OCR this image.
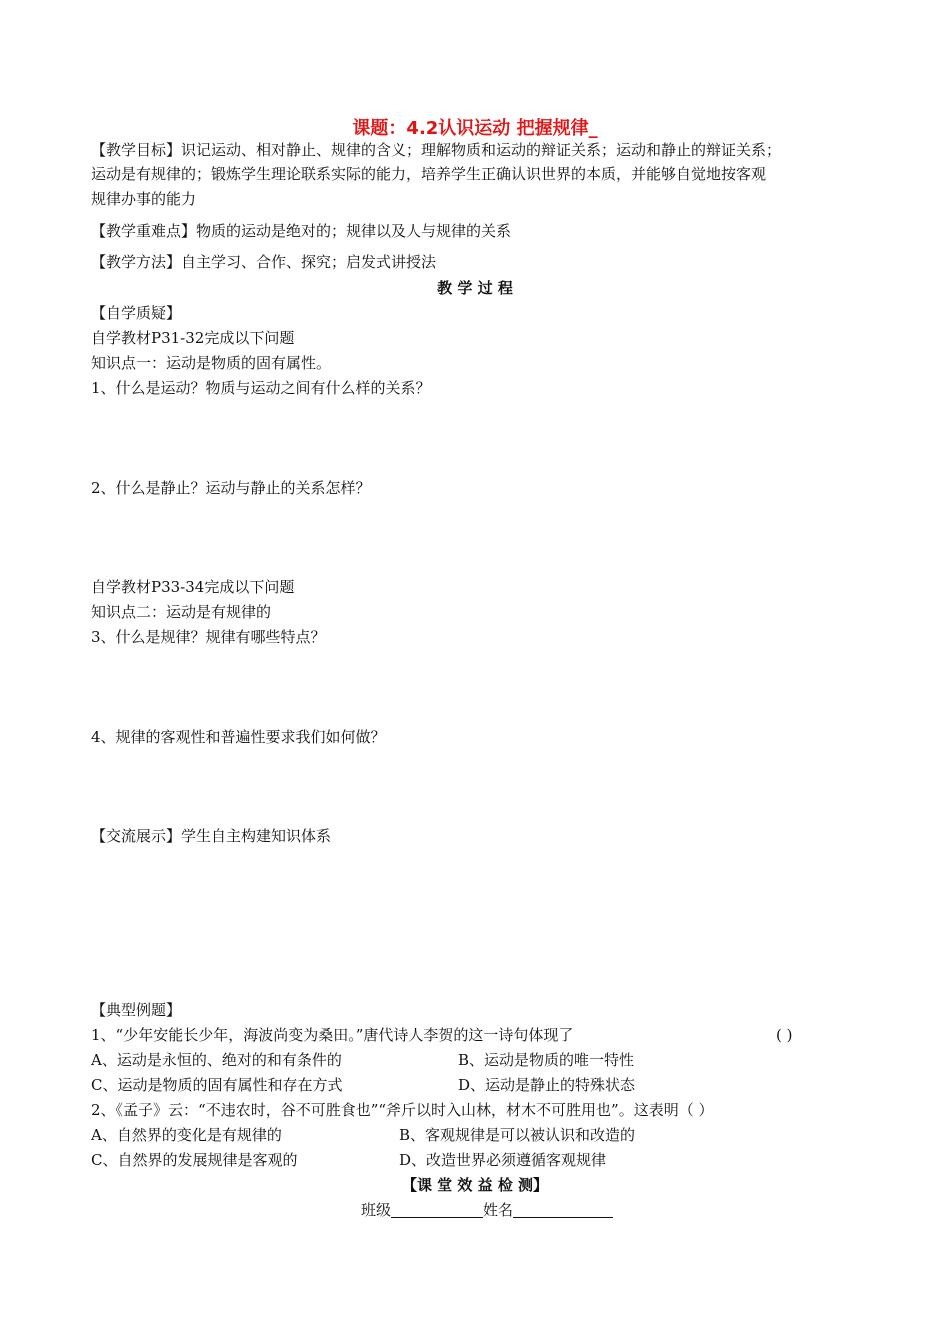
课题：4.2认识运动 把握规律_
【教学目标】识记运动、相对静止、规律的含义；理解物质和运动的辩证关系；运动和静止的辩证关系；
运动是有规律的；锻炼学生理论联系实际的能力，培养学生正确认识世界的本质，并能够自觉地按客观
规律办事的能力
【教学重难点】物质的运动是绝对的；规律以及人与规律的关系
【教学方法】自主学习、合作、探究；启发式讲授法
教 学 过 程
【自学质疑】
自学教材P31-32完成以下问题
知识点一：运动是物质的固有属性。
1、什么是运动？物质与运动之间有什么样的关系？
2、什么是静止？运动与静止的关系怎样？
自学教材P33-34完成以下问题
知识点二：运动是有规律的
3、什么是规律？规律有哪些特点？
4、规律的客观性和普遍性要求我们如何做？
【交流展示】学生自主构建知识体系
【典型例题】
1、“少年安能长少年，海波尚变为桑田。”唐代诗人李贺的这一诗句体现了	( )
A、运动是永恒的、绝对的和有条件的	B、运动是物质的唯一特性
C、运动是物质的固有属性和存在方式	D、运动是静止的特殊状态
2、《孟子》云：“不违农时，谷不可胜食也”“斧斤以时入山林，材木不可胜用也”。这表明（ ）
A、自然界的变化是有规律的	B、客观规律是可以被认识和改造的
C、自然界的发展规律是客观的	D、改造世界必须遵循客观规律
【课 堂 效 益 检 测】
班级	姓名
